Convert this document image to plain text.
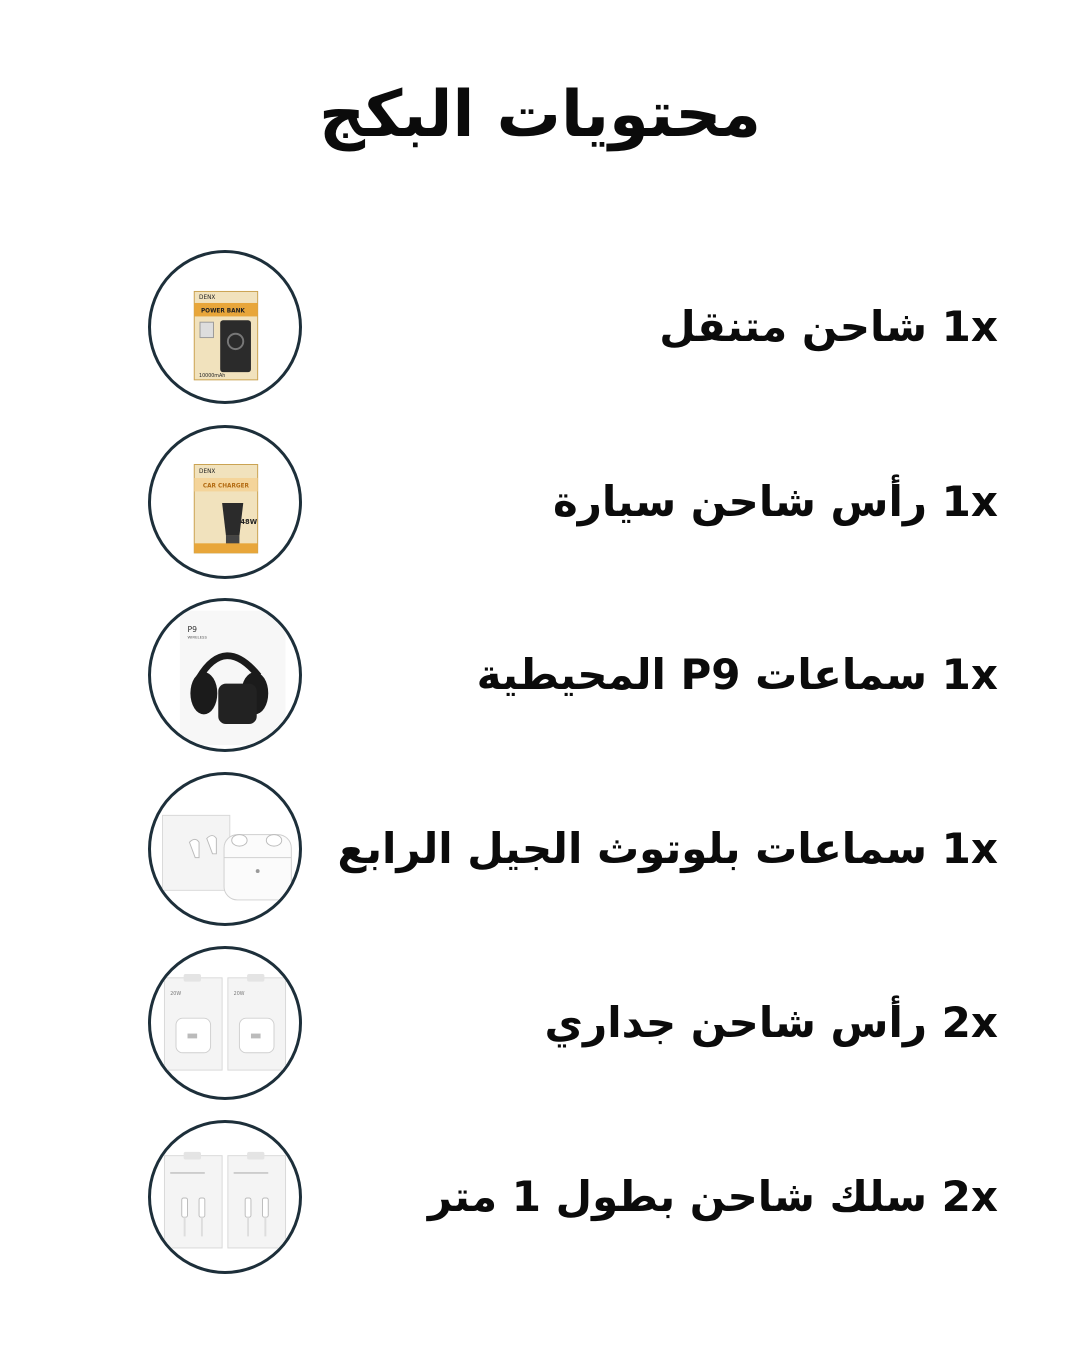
محتويات البكج
DENX
POWER BANK
10000mAh
1x شاحن متنقل
DENX
CAR CHARGER
48W	1x رأس شاحن سيارة
P9
WIRELESS
1x سماعات P9 المحيطية
1x سماعات بلوتوث الجيل الرابع
20W	20W
2x رأس شاحن جداري
2x سلك شاحن بطول 1 متر
